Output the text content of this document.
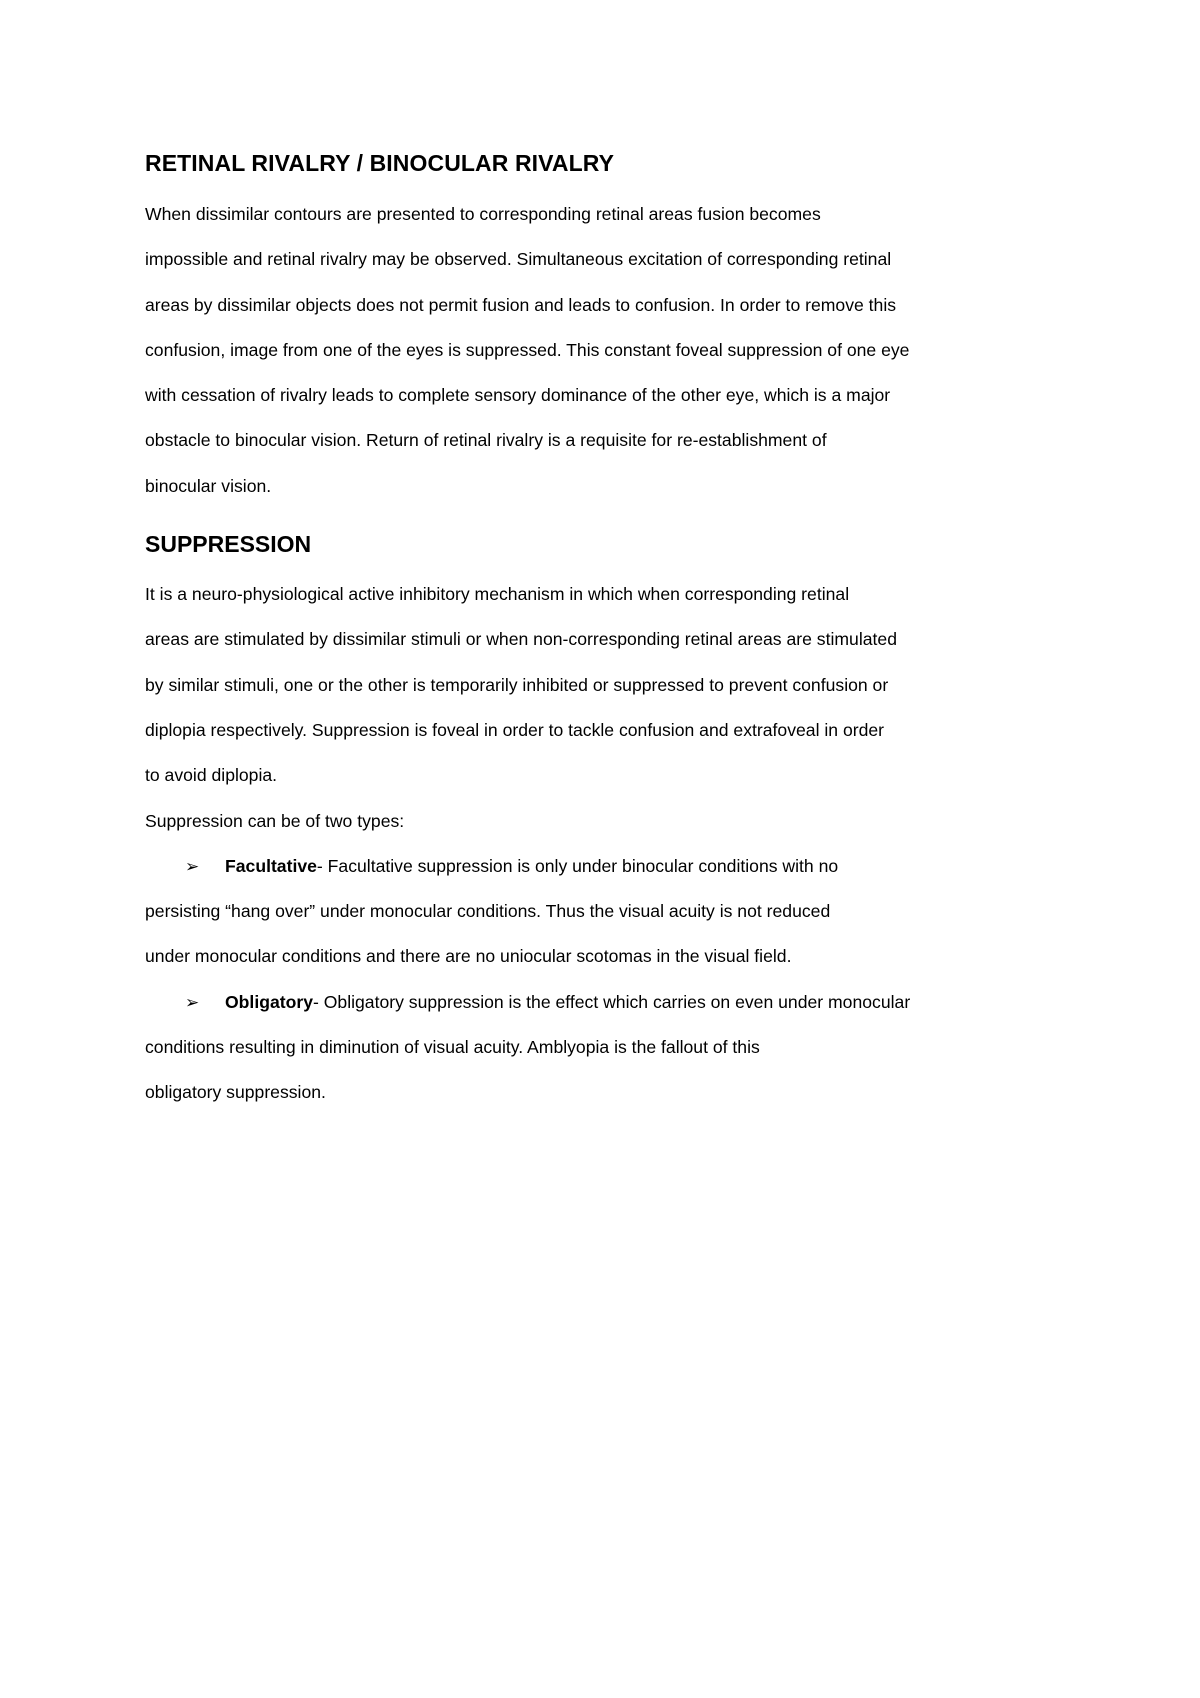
RETINAL RIVALRY / BINOCULAR RIVALRY

When dissimilar contours are presented to corresponding retinal areas fusion becomes

impossible and retinal rivalry may be observed. Simultaneous excitation of corresponding retinal

areas by dissimilar objects does not permit fusion and leads to confusion. In order to remove this

confusion, image from one of the eyes is suppressed. This constant foveal suppression of one eye

with cessation of rivalry leads to complete sensory dominance of the other eye, which is a major

obstacle to binocular vision. Return of retinal rivalry is a requisite for re-establishment of

binocular vision.

SUPPRESSION

It is a neuro-physiological active inhibitory mechanism in which when corresponding retinal

areas are stimulated by dissimilar stimuli or when non-corresponding retinal areas are stimulated

by similar stimuli, one or the other is temporarily inhibited or suppressed to prevent confusion or

diplopia respectively. Suppression is foveal in order to tackle confusion and extrafoveal in order

to avoid diplopia.

Suppression can be of two types:

➢	Facultative- Facultative suppression is only under binocular conditions with no

persisting “hang over” under monocular conditions. Thus the visual acuity is not reduced

under monocular conditions and there are no uniocular scotomas in the visual field.

➢	Obligatory- Obligatory suppression is the effect which carries on even under monocular

conditions resulting in diminution of visual acuity. Amblyopia is the fallout of this

obligatory suppression.
